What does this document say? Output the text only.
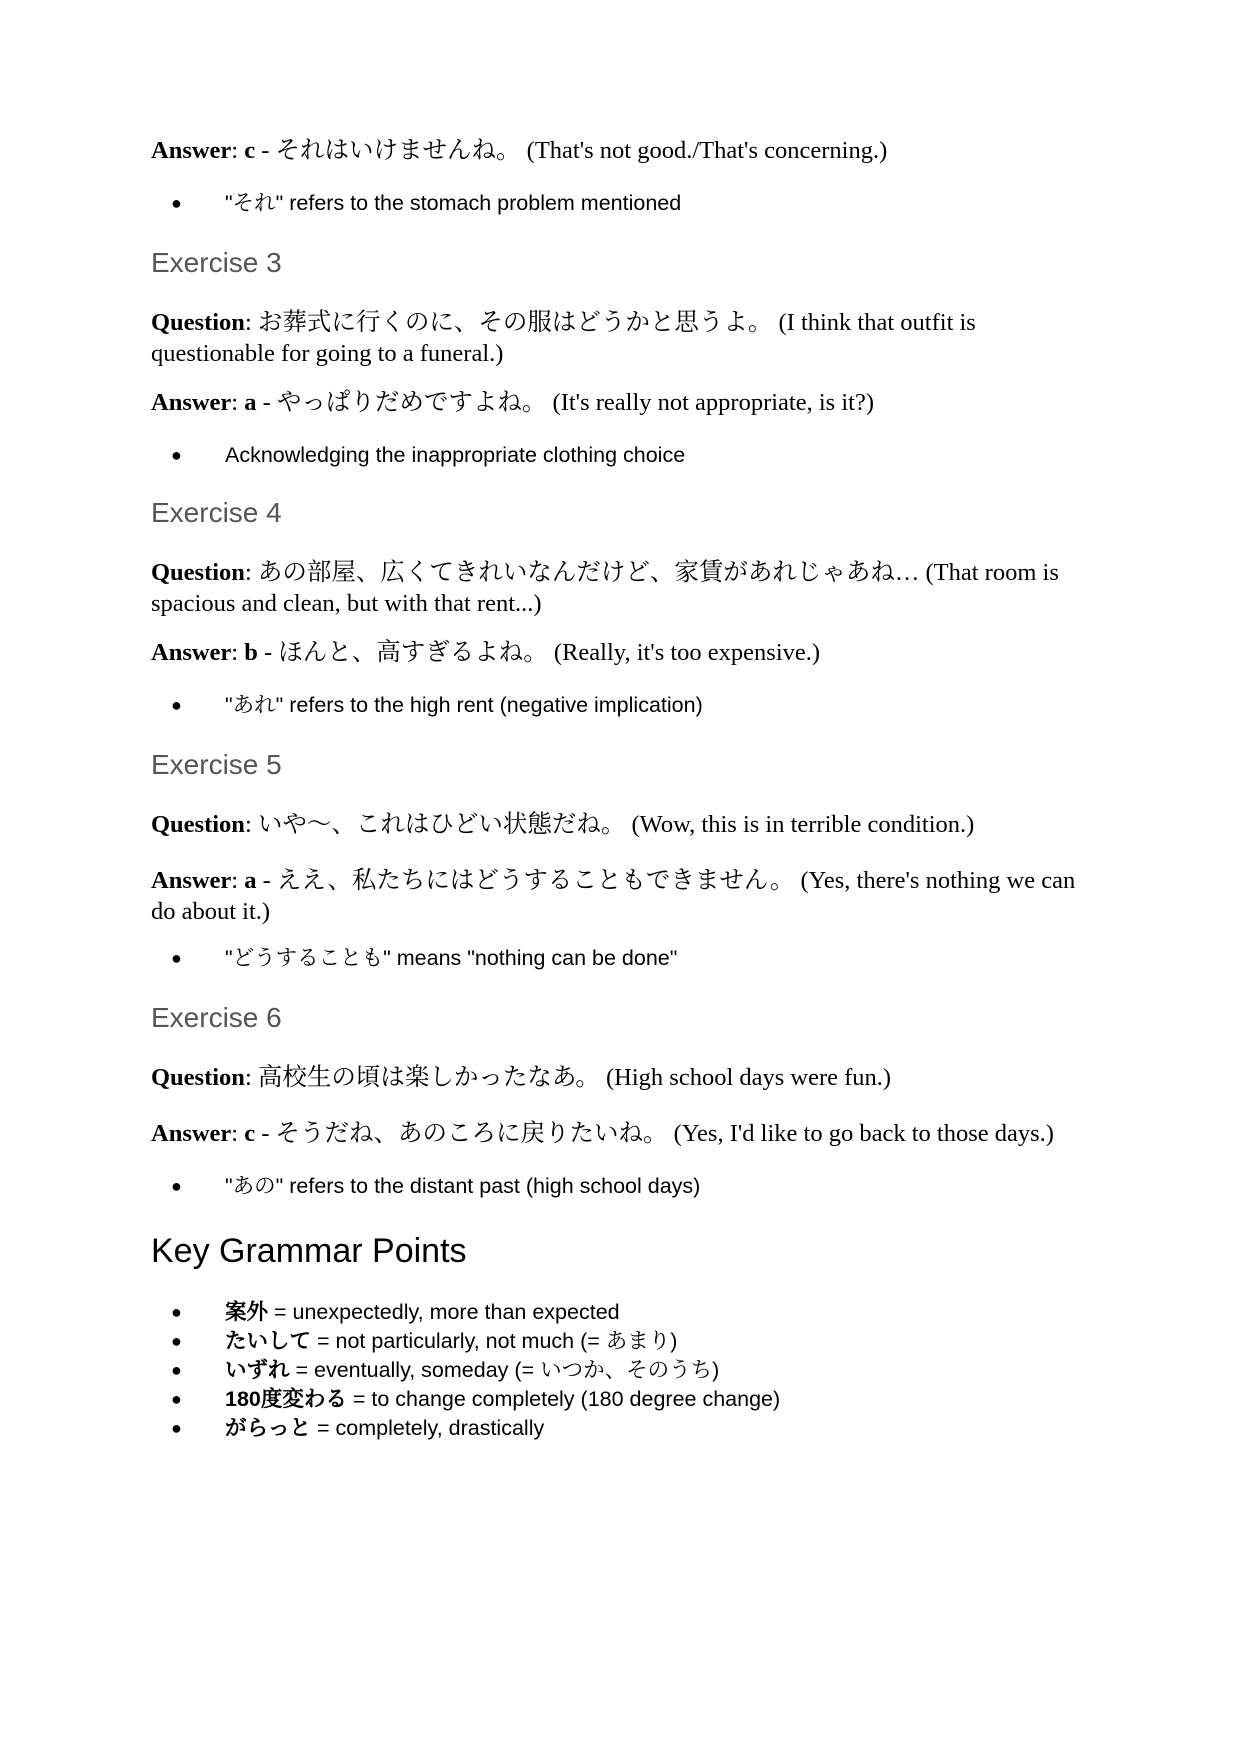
Answer: c - それはいけませんね。 (That's not good./That's concerning.)

● "それ" refers to the stomach problem mentioned
Exercise 3

Question: お葬式に行くのに、その服はどうかと思うよ。 (I think that outfit is questionable for going to a funeral.)

Answer: a - やっぱりだめですよね。 (It's really not appropriate, is it?)

● Acknowledging the inappropriate clothing choice
Exercise 4

Question: あの部屋、広くてきれいなんだけど、家賃があれじゃあね… (That room is spacious and clean, but with that rent...)

Answer: b - ほんと、高すぎるよね。 (Really, it's too expensive.)

● "あれ" refers to the high rent (negative implication)
Exercise 5

Question: いや〜、これはひどい状態だね。 (Wow, this is in terrible condition.)

Answer: a - ええ、私たちにはどうすることもできません。 (Yes, there's nothing we can do about it.)

● "どうすることも" means "nothing can be done"
Exercise 6

Question: 高校生の頃は楽しかったなあ。 (High school days were fun.)

Answer: c - そうだね、あのころに戻りたいね。 (Yes, I'd like to go back to those days.)

● "あの" refers to the distant past (high school days)
Key Grammar Points
● 案外 = unexpectedly, more than expected
● たいして = not particularly, not much (= あまり)
● いずれ = eventually, someday (= いつか、そのうち)
● 180度変わる = to change completely (180 degree change)
● がらっと = completely, drastically
